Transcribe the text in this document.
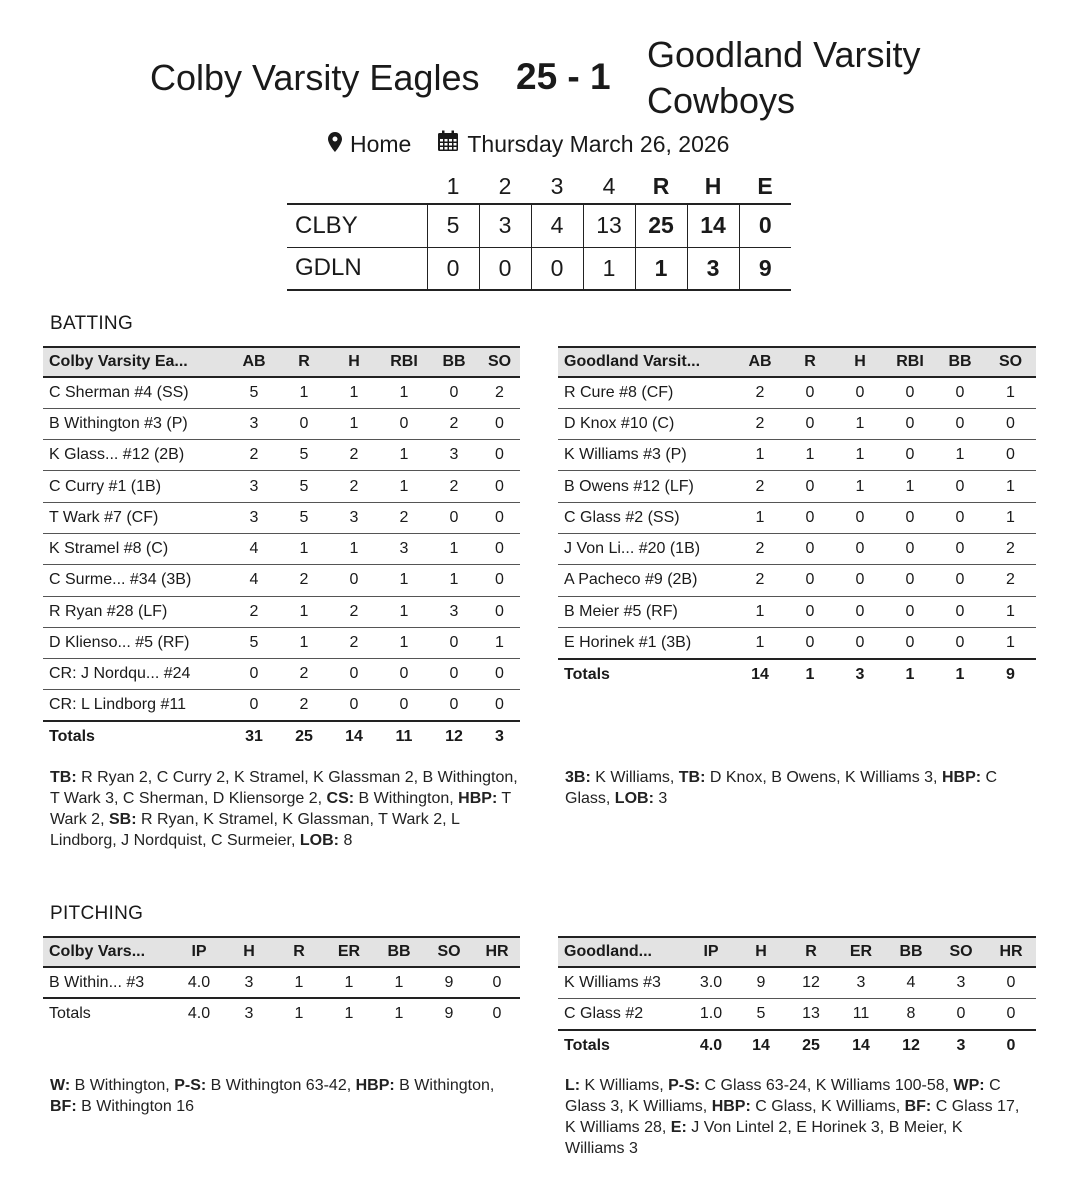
Colby Varsity Eagles 25 - 1
Goodland Varsity Cowboys
Home Thursday March 26, 2026
	1	2	3	4	R	H	E
CLBY	5	3	4	13	25	14	0
GDLN	0	0	0	1	1	3	9
BATTING
Colby Varsity Ea...	AB	R	H	RBI	BB	SO
C Sherman #4 (SS)	5	1	1	1	0	2
B Withington #3 (P)	3	0	1	0	2	0
K Glass... #12 (2B)	2	5	2	1	3	0
C Curry #1 (1B)	3	5	2	1	2	0
T Wark #7 (CF)	3	5	3	2	0	0
K Stramel #8 (C)	4	1	1	3	1	0
C Surme... #34 (3B)	4	2	0	1	1	0
R Ryan #28 (LF)	2	1	2	1	3	0
D Klienso... #5 (RF)	5	1	2	1	0	1
CR: J Nordqu... #24	0	2	0	0	0	0
CR: L Lindborg #11	0	2	0	0	0	0
Totals	31	25	14	11	12	3
Goodland Varsit...	AB	R	H	RBI	BB	SO
R Cure #8 (CF)	2	0	0	0	0	1
D Knox #10 (C)	2	0	1	0	0	0
K Williams #3 (P)	1	1	1	0	1	0
B Owens #12 (LF)	2	0	1	1	0	1
C Glass #2 (SS)	1	0	0	0	0	1
J Von Li... #20 (1B)	2	0	0	0	0	2
A Pacheco #9 (2B)	2	0	0	0	0	2
B Meier #5 (RF)	1	0	0	0	0	1
E Horinek #1 (3B)	1	0	0	0	0	1
Totals	14	1	3	1	1	9
TB: R Ryan 2, C Curry 2, K Stramel, K Glassman 2, B Withington, T Wark 3, C Sherman, D Kliensorge 2, CS: B Withington, HBP: T Wark 2, SB: R Ryan, K Stramel, K Glassman, T Wark 2, L Lindborg, J Nordquist, C Surmeier, LOB: 8
3B: K Williams, TB: D Knox, B Owens, K Williams 3, HBP: C Glass, LOB: 3
PITCHING
Colby Vars...	IP	H	R	ER	BB	SO	HR
B Within... #3	4.0	3	1	1	1	9	0
Totals	4.0	3	1	1	1	9	0
Goodland...	IP	H	R	ER	BB	SO	HR
K Williams #3	3.0	9	12	3	4	3	0
C Glass #2	1.0	5	13	11	8	0	0
Totals	4.0	14	25	14	12	3	0
W: B Withington, P-S: B Withington 63-42, HBP: B Withington, BF: B Withington 16
L: K Williams, P-S: C Glass 63-24, K Williams 100-58, WP: C Glass 3, K Williams, HBP: C Glass, K Williams, BF: C Glass 17, K Williams 28, E: J Von Lintel 2, E Horinek 3, B Meier, K Williams 3
